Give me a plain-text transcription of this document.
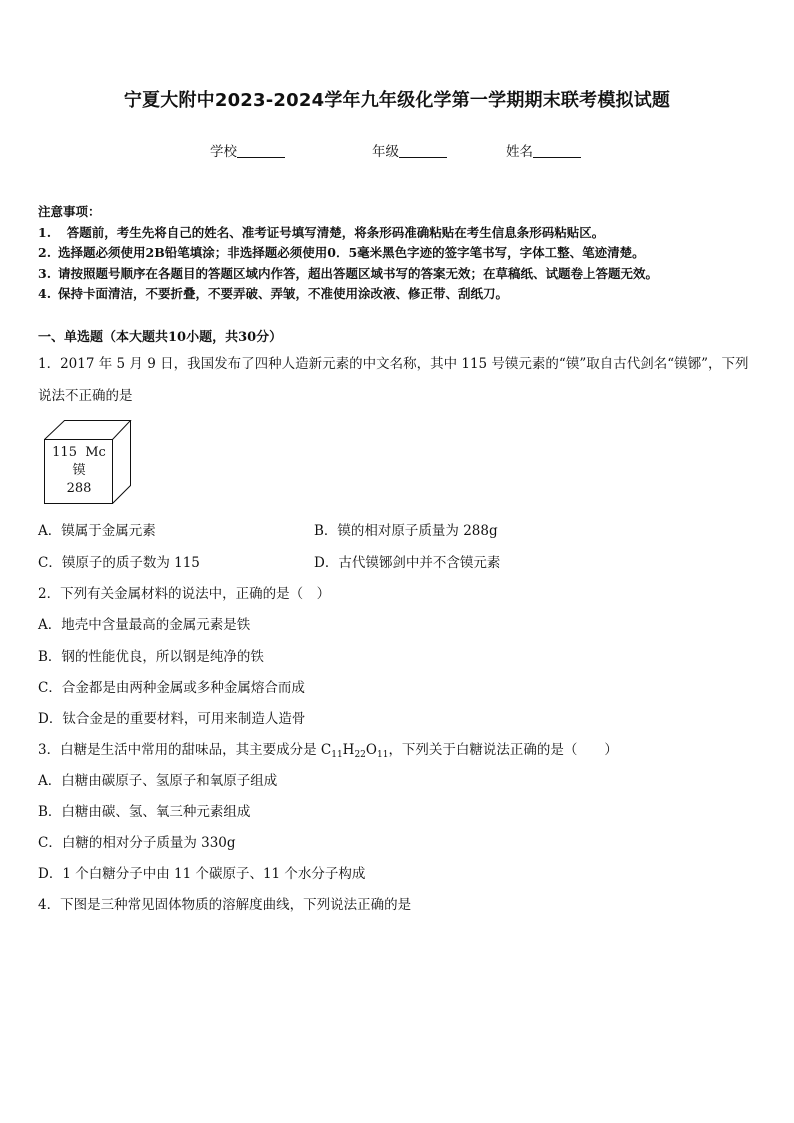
宁夏大附中2023-2024学年九年级化学第一学期期末联考模拟试题
学校	年级	姓名
注意事项：
1.  答题前，考生先将自己的姓名、准考证号填写清楚，将条形码准确粘贴在考生信息条形码粘贴区。
2. 选择题必须使用2B铅笔填涂；非选择题必须使用0．5毫米黑色字迹的签字笔书写，字体工整、笔迹清楚。
3. 请按照题号顺序在各题目的答题区域内作答，超出答题区域书写的答案无效；在草稿纸、试题卷上答题无效。
4. 保持卡面清洁，不要折叠，不要弄破、弄皱，不准使用涂改液、修正带、刮纸刀。
一、单选题（本大题共10小题，共30分）
1．2017 年 5 月 9 日，我国发布了四种人造新元素的中文名称，其中 115 号镆元素的“镆”取自古代剑名“镆铘”，下列
说法不正确的是
115 Mc
镆
288
A．镆属于金属元素	B．镆的相对原子质量为 288g
C．镆原子的质子数为 115	D．古代镆铘剑中并不含镆元素
2．下列有关金属材料的说法中，正确的是（　）
A．地壳中含量最高的金属元素是铁
B．钢的性能优良，所以钢是纯净的铁
C．合金都是由两种金属或多种金属熔合而成
D．钛合金是的重要材料，可用来制造人造骨
3．白糖是生活中常用的甜味品，其主要成分是 $C_{11}H_{22}O_{11}$，下列关于白糖说法正确的是（　　）
A．白糖由碳原子、氢原子和氧原子组成
B．白糖由碳、氢、氧三种元素组成
C．白糖的相对分子质量为 330g
D．1 个白糖分子中由 11 个碳原子、11 个水分子构成
4．下图是三种常见固体物质的溶解度曲线，下列说法正确的是
